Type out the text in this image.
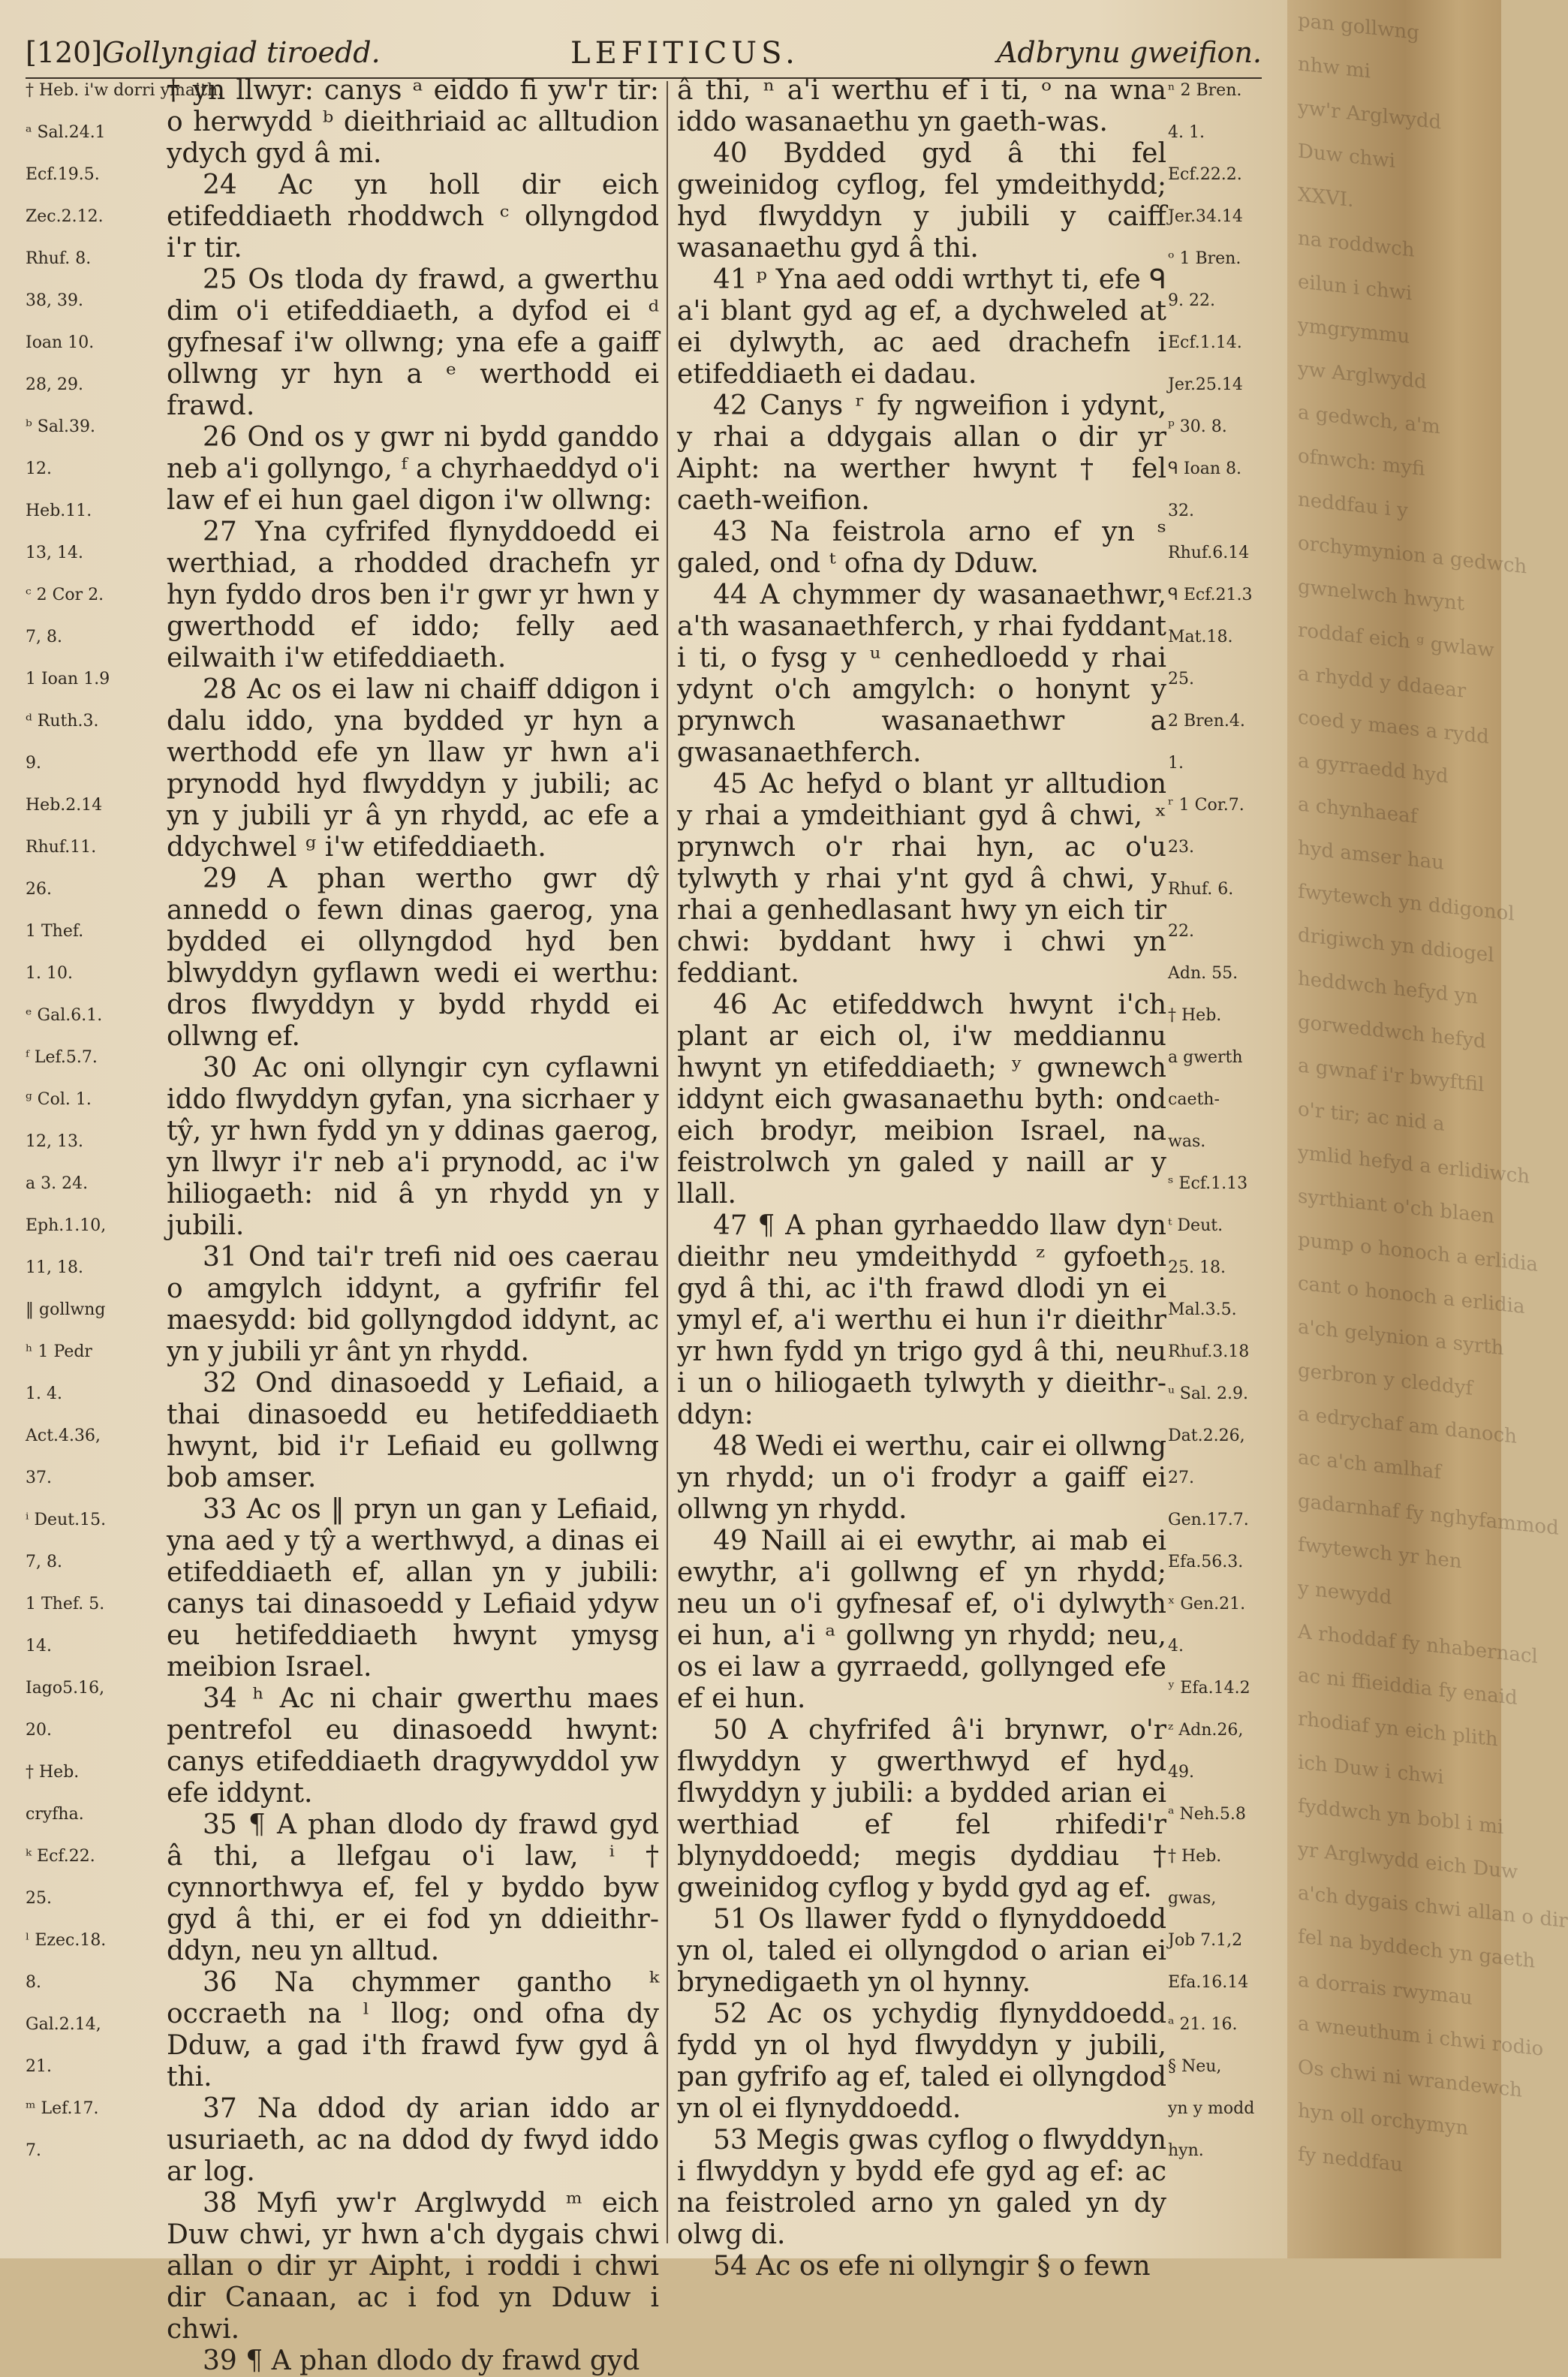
[120] Gollyngiad tiroedd.	LEFITICUS.	Adbrynu gweifion.
† Heb. i'w dorri ymaith.
ᵃ Sal.24.1
Ecf.19.5.
Zec.2.12.
Rhuf. 8.
38, 39.
Ioan 10.
28, 29.
ᵇ Sal.39.
12.
Heb.11.
13, 14.
ᶜ 2 Cor 2.
7, 8.
1 Ioan 1.9
ᵈ Ruth.3.
9.
Heb.2.14
Rhuf.11.
26.
1 Thef.
1. 10.
ᵉ Gal.6.1.
ᶠ Lef.5.7.
ᵍ Col. 1.
12, 13.
a 3. 24.
Eph.1.10,
11, 18.
‖ gollwng
ʰ 1 Pedr
1. 4.
Act.4.36,
37.
ⁱ Deut.15.
7, 8.
1 Thef. 5.
14.
Iago5.16,
20.
† Heb.
cryfha.
ᵏ Ecf.22.
25.
ˡ Ezec.18.
8.
Gal.2.14,
21.
ᵐ Lef.17.
7.

† yn llwyr: canys ᵃ eiddo fi yw'r tir: o herwydd ᵇ dieithriaid ac alltudion ydych gyd â mi.

24 Ac yn holl dir eich etifeddiaeth rhoddwch ᶜ ollyngdod i'r tir.

25 Os tloda dy frawd, a gwerthu dim o'i etifeddiaeth, a dyfod ei ᵈ gyfnesaf i'w ollwng; yna efe a gaiff ollwng yr hyn a ᵉ werthodd ei frawd.

26 Ond os y gwr ni bydd ganddo neb a'i gollyngo, ᶠ a chyrhaeddyd o'i law ef ei hun gael digon i'w ollwng:

27 Yna cyfrifed flynyddoedd ei werthiad, a rhodded drachefn yr hyn fyddo dros ben i'r gwr yr hwn y gwerthodd ef iddo; felly aed eilwaith i'w etifeddiaeth.

28 Ac os ei law ni chaiff ddigon i dalu iddo, yna bydded yr hyn a werthodd efe yn llaw yr hwn a'i prynodd hyd flwyddyn y jubili; ac yn y jubili yr â yn rhydd, ac efe a ddychwel ᵍ i'w etifeddiaeth.

29 A phan wertho gwr dŷ annedd o fewn dinas gaerog, yna bydded ei ollyngdod hyd ben blwyddyn gyflawn wedi ei werthu: dros flwyddyn y bydd rhydd ei ollwng ef.

30 Ac oni ollyngir cyn cyflawni iddo flwyddyn gyfan, yna sicrhaer y tŷ, yr hwn fydd yn y ddinas gaerog, yn llwyr i'r neb a'i prynodd, ac i'w hiliogaeth: nid â yn rhydd yn y jubili.

31 Ond tai'r trefi nid oes caerau o amgylch iddynt, a gyfrifir fel maesydd: bid gollyngdod iddynt, ac yn y jubili yr ânt yn rhydd.

32 Ond dinasoedd y Lefiaid, a thai dinasoedd eu hetifeddiaeth hwynt, bid i'r Lefiaid eu gollwng bob amser.

33 Ac os ‖ pryn un gan y Lefiaid, yna aed y tŷ a werthwyd, a dinas ei etifeddiaeth ef, allan yn y jubili: canys tai dinasoedd y Lefiaid ydyw eu hetifeddiaeth hwynt ymysg meibion Israel.

34 ʰ Ac ni chair gwerthu maes pentrefol eu dinasoedd hwynt: canys etifeddiaeth dragywyddol yw efe iddynt.

35 ¶ A phan dlodo dy frawd gyd â thi, a llefgau o'i law, ⁱ † cynnorthwya ef, fel y byddo byw gyd â thi, er ei fod yn ddieithr-ddyn, neu yn alltud.

36 Na chymmer gantho ᵏ occraeth na ˡ llog; ond ofna dy Dduw, a gad i'th frawd fyw gyd â thi.

37 Na ddod dy arian iddo ar usuriaeth, ac na ddod dy fwyd iddo ar log.

38 Myfi yw'r Arglwydd ᵐ eich Duw chwi, yr hwn a'ch dygais chwi allan o dir yr Aipht, i roddi i chwi dir Canaan, ac i fod yn Dduw i chwi.

39 ¶ A phan dlodo dy frawd gyd

â thi, ⁿ a'i werthu ef i ti, ᵒ na wna iddo wasanaethu yn gaeth-was.

40 Bydded gyd â thi fel gweinidog cyflog, fel ymdeithydd; hyd flwyddyn y jubili y caiff wasanaethu gyd â thi.

41 ᵖ Yna aed oddi wrthyt ti, efe ᑫ a'i blant gyd ag ef, a dychweled at ei dylwyth, ac aed drachefn i etifeddiaeth ei dadau.

42 Canys ʳ fy ngweifion i ydynt, y rhai a ddygais allan o dir yr Aipht: na werther hwynt † fel caeth-weifion.

43 Na feistrola arno ef yn ˢ galed, ond ᵗ ofna dy Dduw.

44 A chymmer dy wasanaethwr, a'th wasanaethferch, y rhai fyddant i ti, o fysg y ᵘ cenhedloedd y rhai ydynt o'ch amgylch: o honynt y prynwch wasanaethwr a gwasanaethferch.

45 Ac hefyd o blant yr alltudion y rhai a ymdeithiant gyd â chwi, ˣ prynwch o'r rhai hyn, ac o'u tylwyth y rhai y'nt gyd â chwi, y rhai a genhedlasant hwy yn eich tir chwi: byddant hwy i chwi yn feddiant.

46 Ac etifeddwch hwynt i'ch plant ar eich ol, i'w meddiannu hwynt yn etifeddiaeth; ʸ gwnewch iddynt eich gwasanaethu byth: ond eich brodyr, meibion Israel, na feistrolwch yn galed y naill ar y llall.

47 ¶ A phan gyrhaeddo llaw dyn dieithr neu ymdeithydd ᶻ gyfoeth gyd â thi, ac i'th frawd dlodi yn ei ymyl ef, a'i werthu ei hun i'r dieithr yr hwn fydd yn trigo gyd â thi, neu i un o hiliogaeth tylwyth y dieithr-ddyn:

48 Wedi ei werthu, cair ei ollwng yn rhydd; un o'i frodyr a gaiff ei ollwng yn rhydd.

49 Naill ai ei ewythr, ai mab ei ewythr, a'i gollwng ef yn rhydd; neu un o'i gyfnesaf ef, o'i dylwyth ei hun, a'i ᵃ gollwng yn rhydd; neu, os ei law a gyrraedd, gollynged efe ef ei hun.

50 A chyfrifed â'i brynwr, o'r flwyddyn y gwerthwyd ef hyd flwyddyn y jubili: a bydded arian ei werthiad ef fel rhifedi'r blynyddoedd; megis dyddiau † gweinidog cyflog y bydd gyd ag ef.

51 Os llawer fydd o flynyddoedd yn ol, taled ei ollyngdod o arian ei brynedigaeth yn ol hynny.

52 Ac os ychydig flynyddoedd fydd yn ol hyd flwyddyn y jubili, pan gyfrifo ag ef, taled ei ollyngdod yn ol ei flynyddoedd.

53 Megis gwas cyflog o flwyddyn i flwyddyn y bydd efe gyd ag ef: ac na feistroled arno yn galed yn dy olwg di.

54 Ac os efe ni ollyngir § o fewn

ⁿ 2 Bren.
4. 1.
Ecf.22.2.
Jer.34.14
ᵒ 1 Bren.
9. 22.
Ecf.1.14.
Jer.25.14
ᵖ 30. 8.
ᑫ Ioan 8.
32.
Rhuf.6.14
ᑫ Ecf.21.3
Mat.18.
25.
2 Bren.4.
1.
ʳ 1 Cor.7.
23.
Rhuf. 6.
22.
Adn. 55.
† Heb.
a gwerth
caeth-
was.
ˢ Ecf.1.13
ᵗ Deut.
25. 18.
Mal.3.5.
Rhuf.3.18
ᵘ Sal. 2.9.
Dat.2.26,
27.
Gen.17.7.
Efa.56.3.
ˣ Gen.21.
4.
ʸ Efa.14.2
ᶻ Adn.26,
49.
ᵃ Neh.5.8
† Heb.
gwas,
Job 7.1,2
Efa.16.14
ᵃ 21. 16.
§ Neu,
yn y modd
hyn.
pan gollwng
nhw mi
yw'r Arglwydd
Duw chwi
XXVI.
na roddwch
eilun i chwi
ymgrymmu
yw Arglwydd
a gedwch, a'm
ofnwch: myfi
neddfau i y
orchymynion a gedwch
gwnelwch hwynt
roddaf eich ᵍ gwlaw
a rhydd y ddaear
coed y maes a rydd
a gyrraedd hyd
a chynhaeaf
hyd amser hau
fwytewch yn ddigonol
drigiwch yn ddiogel
heddwch hefyd yn
gorweddwch hefyd
a gwnaf i'r bwyftfil
o'r tir; ac nid a
ymlid hefyd a erlidiwch
syrthiant o'ch blaen
pump o honoch a erlidia
cant o honoch a erlidia
a'ch gelynion a syrth
gerbron y cleddyf
a edrychaf am danoch
ac a'ch amlhaf
gadarnhaf fy nghyfammod
fwytewch yr hen
y newydd
A rhoddaf fy nhabernacl
ac ni ffieiddia fy enaid
rhodiaf yn eich plith
ich Duw i chwi
fyddwch yn bobl i mi
yr Arglwydd eich Duw
a'ch dygais chwi allan o dir
fel na byddech yn gaeth
a dorrais rwymau
a wneuthum i chwi rodio
Os chwi ni wrandewch
hyn oll orchymyn
fy neddfau
